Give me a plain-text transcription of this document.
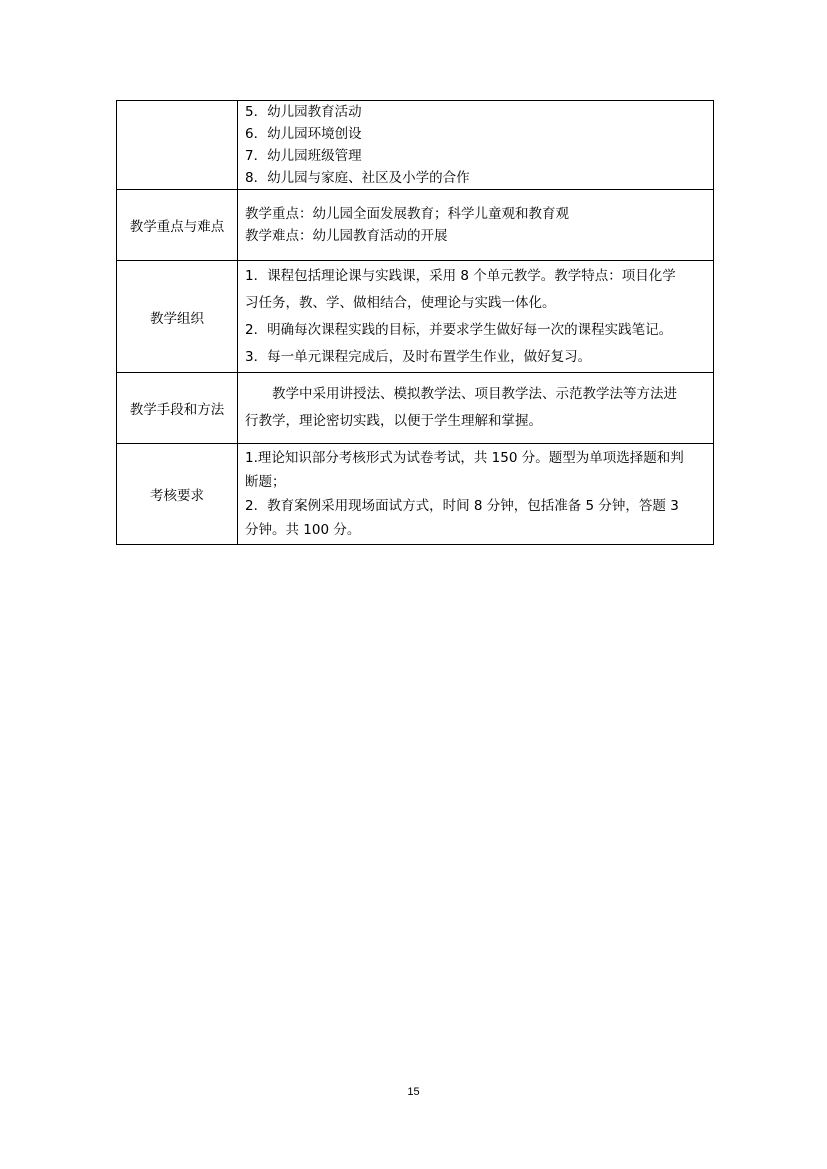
	5．幼儿园教育活动
6．幼儿园环境创设
7．幼儿园班级管理
8．幼儿园与家庭、社区及小学的合作

教学重点与难点	教学重点：幼儿园全面发展教育；科学儿童观和教育观
教学难点：幼儿园教育活动的开展

教学组织	1．课程包括理论课与实践课，采用 8 个单元教学。教学特点：项目化学
习任务，教、学、做相结合，使理论与实践一体化。
2．明确每次课程实践的目标，并要求学生做好每一次的课程实践笔记。
3．每一单元课程完成后，及时布置学生作业，做好复习。

教学手段和方法	教学中采用讲授法、模拟教学法、项目教学法、示范教学法等方法进
行教学，理论密切实践，以便于学生理解和掌握。

考核要求	1.理论知识部分考核形式为试卷考试，共 150 分。题型为单项选择题和判
断题；
2．教育案例采用现场面试方式，时间 8 分钟，包括准备 5 分钟，答题 3
分钟。共 100 分。
15
